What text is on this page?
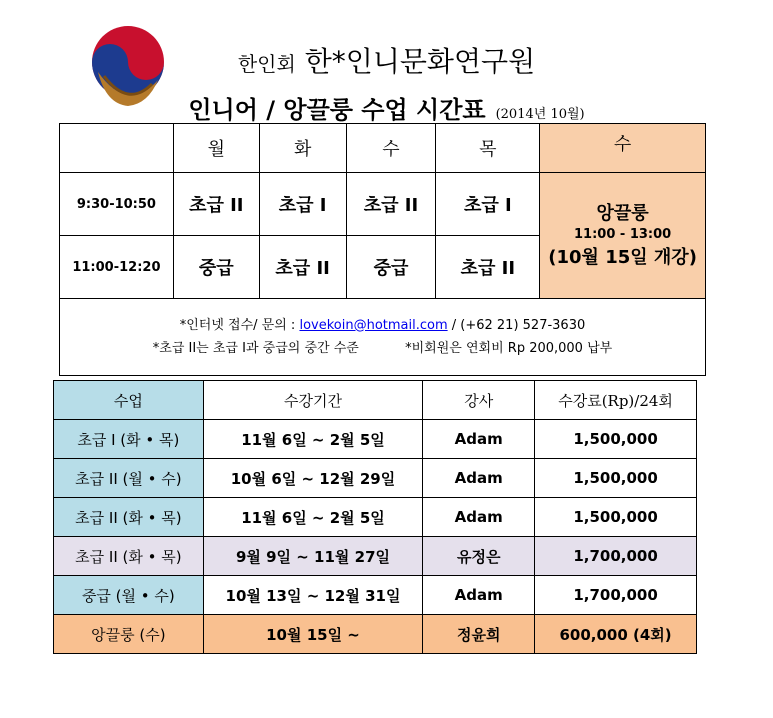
한인회 한*인니문화연구원
인니어 / 앙끌룽 수업 시간표 (2014년 10월)
	월	화	수	목	수
9:30-10:50	초급 II	초급 I	초급 II	초급 I	앙끌룽
11:00 - 13:00
(10월 15일 개강)

11:00-12:20	중급	초급 II	중급	초급 II	

*인터넷 접수/ 문의 : lovekoin@hotmail.com / (+62 21) 527-3630
*초급 II는 초급 I과 중급의 중간 수준 *비회원은 연회비 Rp 200,000 납부					
수업	수강기간	강사	수강료(Rp)/24회
초급 I (화 • 목)	11월 6일 ~ 2월 5일	Adam	1,500,000
초급 II (월 • 수)	10월 6일 ~ 12월 29일	Adam	1,500,000
초급 II (화 • 목)	11월 6일 ~ 2월 5일	Adam	1,500,000
초급 II (화 • 목)	9월 9일 ~ 11월 27일	유정은	1,700,000
중급 (월 • 수)	10월 13일 ~ 12월 31일	Adam	1,700,000
앙끌룽 (수)	10월 15일 ~	정윤희	600,000 (4회)
